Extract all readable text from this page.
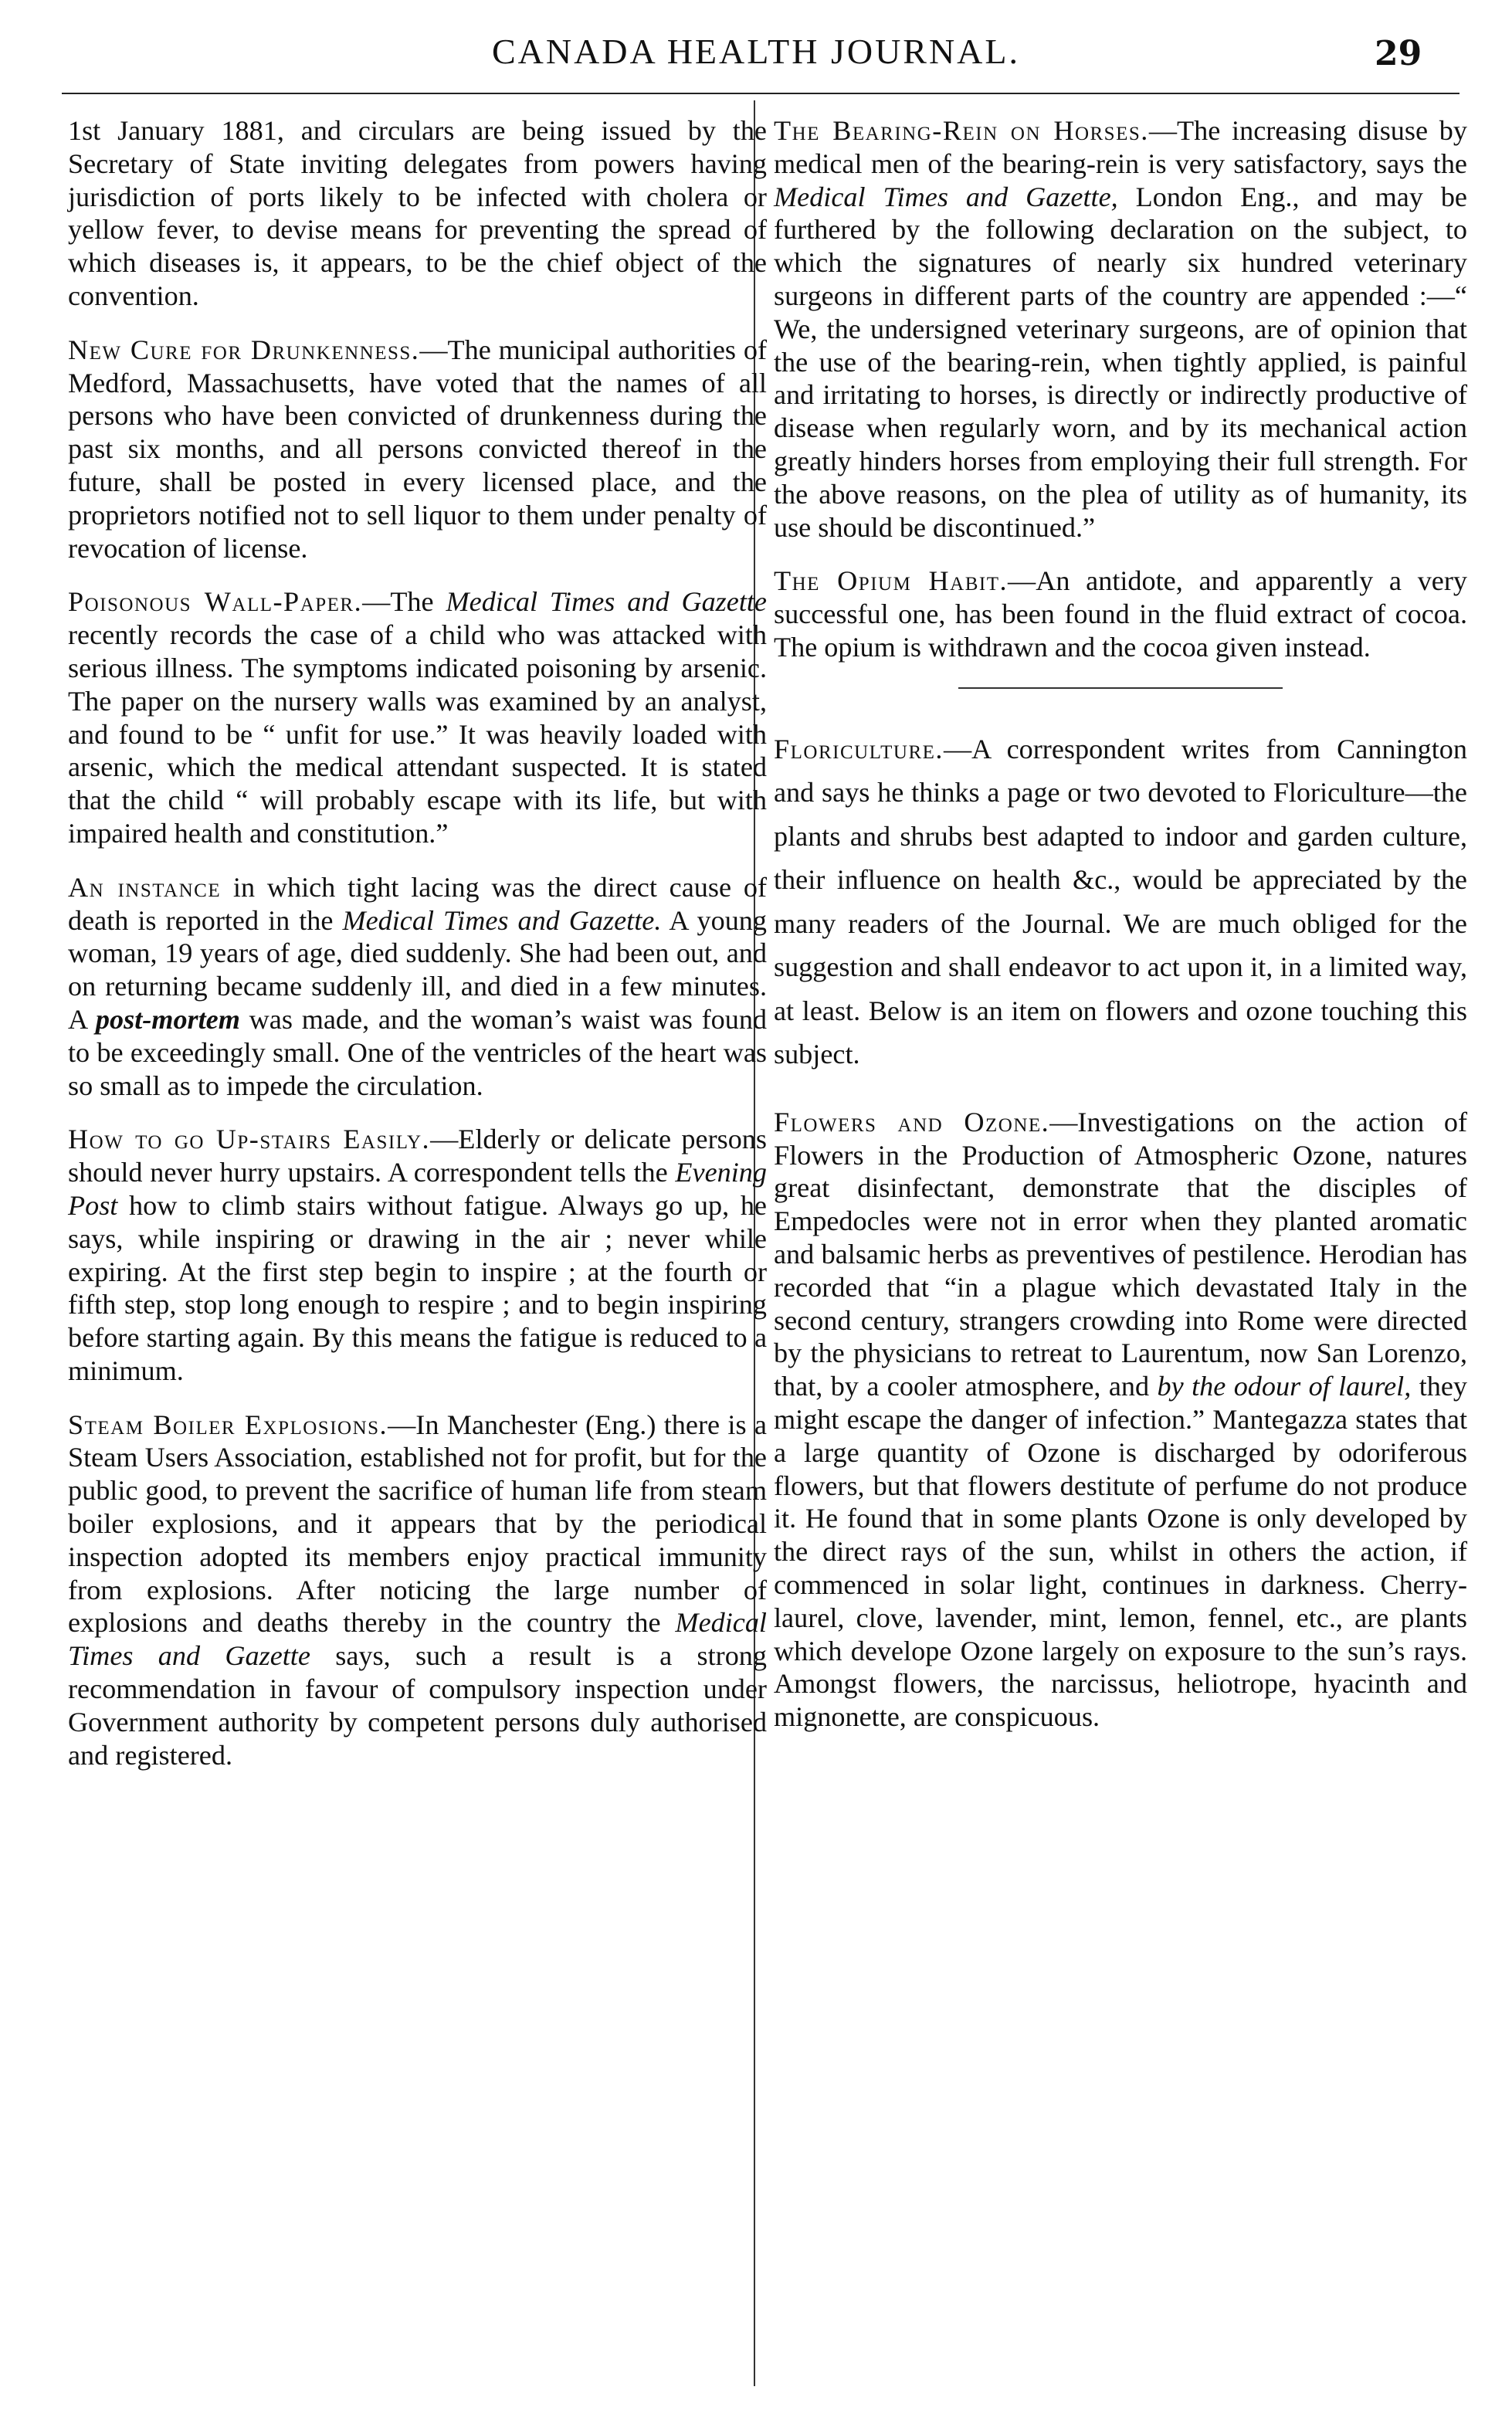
CANADA HEALTH JOURNAL.	29

1st January 1881, and circulars are being issued by the Secretary of State inviting delegates from powers having jurisdiction of ports likely to be infected with cholera or yellow fever, to devise means for preventing the spread of which diseases is, it appears, to be the chief object of the convention.

New Cure for Drunkenness.—The municipal authorities of Medford, Massachusetts, have voted that the names of all persons who have been convicted of drunkenness during the past six months, and all persons convicted thereof in the future, shall be posted in every licensed place, and the proprietors notified not to sell liquor to them under penalty of revocation of license.

Poisonous Wall-Paper.—The Medical Times and Gazette recently records the case of a child who was attacked with serious illness. The symptoms indicated poisoning by arsenic. The paper on the nursery walls was examined by an analyst, and found to be “ unfit for use.” It was heavily loaded with arsenic, which the medical attendant suspected. It is stated that the child “ will probably escape with its life, but with impaired health and constitution.”

An instance in which tight lacing was the direct cause of death is reported in the Medical Times and Gazette. A young woman, 19 years of age, died suddenly. She had been out, and on returning became suddenly ill, and died in a few minutes. A post-mortem was made, and the woman’s waist was found to be exceedingly small. One of the ventricles of the heart was so small as to impede the circulation.

How to go Up-stairs Easily.—Elderly or delicate persons should never hurry upstairs. A correspondent tells the Evening Post how to climb stairs without fatigue. Always go up, he says, while inspiring or drawing in the air ; never while expiring. At the first step begin to inspire ; at the fourth or fifth step, stop long enough to respire ; and to begin inspiring before starting again. By this means the fatigue is reduced to a minimum.

Steam Boiler Explosions.—In Manchester (Eng.) there is a Steam Users Association, established not for profit, but for the public good, to prevent the sacrifice of human life from steam boiler explosions, and it appears that by the periodical inspection adopted its members enjoy practical immunity from explosions. After noticing the large number of explosions and deaths thereby in the country the Medical Times and Gazette says, such a result is a strong recommendation in favour of compulsory inspection under Government authority by competent persons duly authorised and registered.

The Bearing-Rein on Horses.—The increasing disuse by medical men of the bearing-rein is very satisfactory, says the Medical Times and Gazette, London Eng., and may be furthered by the following declaration on the subject, to which the signatures of nearly six hundred veterinary surgeons in different parts of the country are appended :—“ We, the undersigned veterinary surgeons, are of opinion that the use of the bearing-rein, when tightly applied, is painful and irritating to horses, is directly or indirectly productive of disease when regularly worn, and by its mechanical action greatly hinders horses from employing their full strength. For the above reasons, on the plea of utility as of humanity, its use should be discontinued.”

The Opium Habit.—An antidote, and apparently a very successful one, has been found in the fluid extract of cocoa. The opium is withdrawn and the cocoa given instead.

Floriculture.—A correspondent writes from Cannington and says he thinks a page or two devoted to Floriculture—the plants and shrubs best adapted to indoor and garden culture, their influence on health &c., would be appreciated by the many readers of the Journal. We are much obliged for the suggestion and shall endeavor to act upon it, in a limited way, at least. Below is an item on flowers and ozone touching this subject.

Flowers and Ozone.—Investigations on the action of Flowers in the Production of Atmospheric Ozone, natures great disinfectant, demonstrate that the disciples of Empedocles were not in error when they planted aromatic and balsamic herbs as preventives of pestilence. Herodian has recorded that “in a plague which devastated Italy in the second century, strangers crowding into Rome were directed by the physicians to retreat to Laurentum, now San Lorenzo, that, by a cooler atmosphere, and by the odour of laurel, they might escape the danger of infection.” Mantegazza states that a large quantity of Ozone is discharged by odoriferous flowers, but that flowers destitute of perfume do not produce it. He found that in some plants Ozone is only developed by the direct rays of the sun, whilst in others the action, if commenced in solar light, continues in darkness. Cherry-laurel, clove, lavender, mint, lemon, fennel, etc., are plants which develope Ozone largely on exposure to the sun’s rays. Amongst flowers, the narcissus, heliotrope, hyacinth and mignonette, are conspicuous.
